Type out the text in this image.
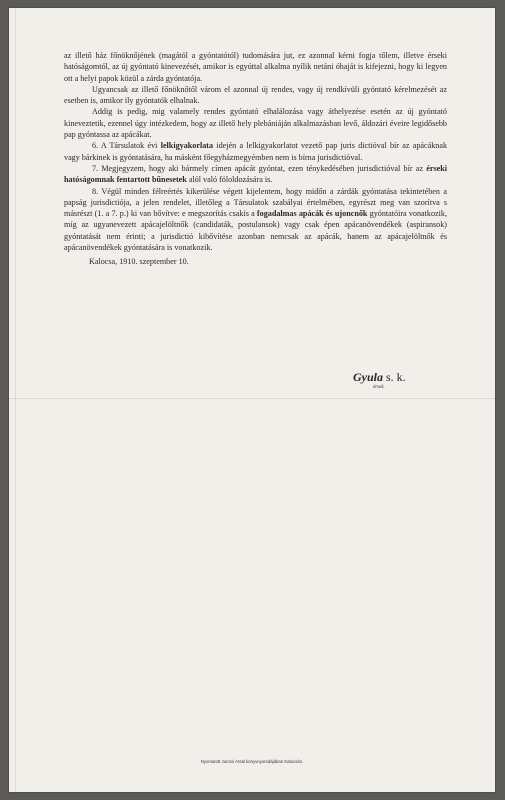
az illető ház főnöknőjének (magától a gyóntatótól) tudomására jut, ez azonnal kérni fogja tőlem, illetve érseki hatóságomtól, az új gyóntató kinevezését, amikor is egyúttal alkalma nyílik netáni óhaját is kifejezni, hogy ki legyen ott a helyi papok közül a zárda gyóntatója.

Ugyancsak az illető főnöknőtől várom el azonnal új rendes, vagy új rendkívüli gyóntató kérelmezését az esetben is, amikor ily gyóntatók elhalnak.

Addig is pedig, mig valamely rendes gyóntató elhalálozása vagy áthelyezése esetén az új gyóntató kineveztetik, ezennel úgy intézkedem, hogy az illető hely plebániáján alkalmazásban levő, áldozári éveire legidősebb pap gyóntassa az apácákat.

6. A Társulatok évi lelkigyakorlata idején a lelkigyakorlatot vezető pap juris dictióval bír az apácáknak vagy bárkinek is gyóntatására, ha másként főegyházmegyémben nem is bírna jurisdictióval.

7. Megjegyzem, hogy aki bármely címen apácát gyóntat, ezen ténykedésében jurisdictióval bír az érseki hatóságomnak fentartott bűnesetek alól való föloldozására is.

8. Végül minden félreértés kikerülése végett kijelentem, hogy midőn a zárdák gyóntatása tekintetében a papság jurisdictiója, a jelen rendelet, illetőleg a Társulatok szabályai értelmében, egyrészt meg van szorítva s másrészt (1. a 7. p.) ki van bővítve: e megszorítás csakis a fogadalmas apácák és ujoncnők gyóntatóira vonatkozik, míg az ugyanevezett apácajelöltnők (candidaták, postulansok) vagy csak épen apácanövendékek (aspiransok) gyóntatását nem érinti; a jurisdictió kibővítése azonban nemcsak az apácák, hanem az apácajelöltnők és apácanövendékek gyóntatására is vonatkozik.

Kalocsa, 1910. szeptember 10.

Gyula s. k.
érsek.
Nyomatott Jurcsó Antal könyvnyomdájában Kalocsán.
